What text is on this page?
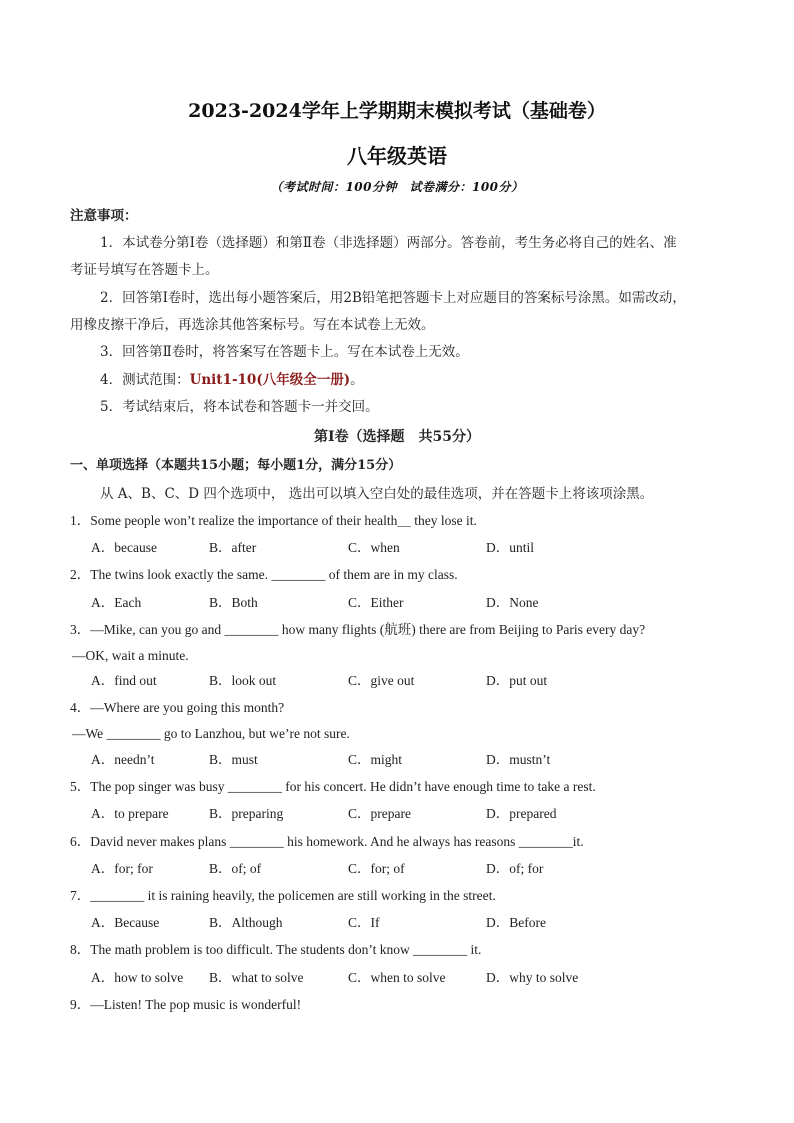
2023-2024学年上学期期末模拟考试（基础卷）
八年级英语
（考试时间：100分钟　试卷满分：100分）
注意事项：
1．本试卷分第Ⅰ卷（选择题）和第Ⅱ卷（非选择题）两部分。答卷前，考生务必将自己的姓名、准
考证号填写在答题卡上。
2．回答第Ⅰ卷时，选出每小题答案后，用2B铅笔把答题卡上对应题目的答案标号涂黑。如需改动，
用橡皮擦干净后，再选涂其他答案标号。写在本试卷上无效。
3．回答第Ⅱ卷时，将答案写在答题卡上。写在本试卷上无效。
4．测试范围：Unit1-10(八年级全一册)。
5．考试结束后，将本试卷和答题卡一并交回。
第Ⅰ卷（选择题　共55分）
一、单项选择（本题共15小题；每小题1分，满分15分）
从 A、B、C、D 四个选项中， 选出可以填入空白处的最佳选项，并在答题卡上将该项涂黑。
1．Some people won’t realize the importance of their health＿ they lose it.
A．because	B．after	C．when	D．until
2．The twins look exactly the same. ________ of them are in my class.
A．Each	B．Both	C．Either	D．None
3．—Mike, can you go and ________ how many flights (航班) there are from Beijing to Paris every day?
—OK, wait a minute.
A．find out	B．look out	C．give out	D．put out
4．—Where are you going this month?
—We ________ go to Lanzhou, but we’re not sure.
A．needn’t	B．must	C．might	D．mustn’t
5．The pop singer was busy ________ for his concert. He didn’t have enough time to take a rest.
A．to prepare	B．preparing	C．prepare	D．prepared
6．David never makes plans ________ his homework. And he always has reasons ________it.
A．for; for	B．of; of	C．for; of	D．of; for
7．________ it is raining heavily, the policemen are still working in the street.
A．Because	B．Although	C．If	D．Before
8．The math problem is too difficult. The students don’t know ________ it.
A．how to solve B．what to solve	C．when to solve	D．why to solve
9．—Listen! The pop music is wonderful!
